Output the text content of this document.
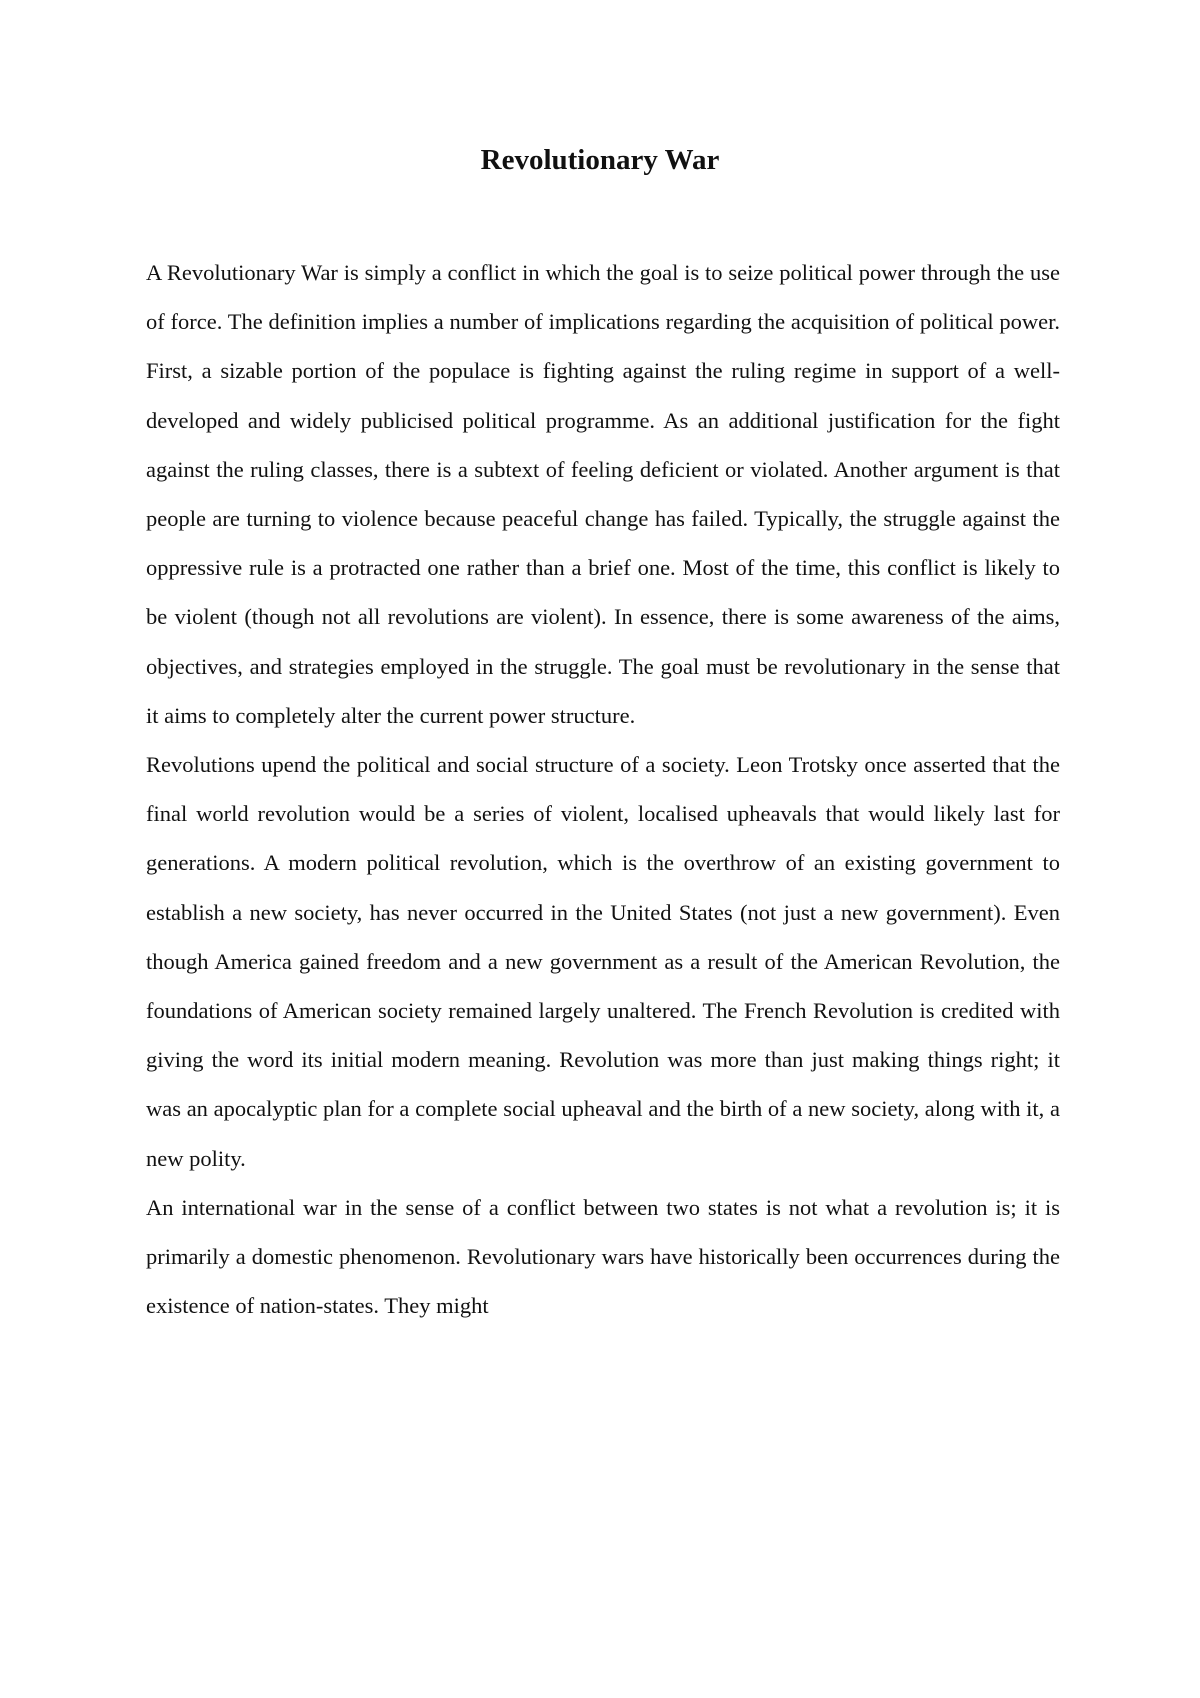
Revolutionary War

A Revolutionary War is simply a conflict in which the goal is to seize political power through the use of force. The definition implies a number of implications regarding the acquisition of political power. First, a sizable portion of the populace is fighting against the ruling regime in support of a well-developed and widely publicised political programme. As an additional justification for the fight against the ruling classes, there is a subtext of feeling deficient or violated. Another argument is that people are turning to violence because peaceful change has failed. Typically, the struggle against the oppressive rule is a protracted one rather than a brief one. Most of the time, this conflict is likely to be violent (though not all revolutions are violent). In essence, there is some awareness of the aims, objectives, and strategies employed in the struggle. The goal must be revolutionary in the sense that it aims to completely alter the current power structure.

Revolutions upend the political and social structure of a society. Leon Trotsky once asserted that the final world revolution would be a series of violent, localised upheavals that would likely last for generations. A modern political revolution, which is the overthrow of an existing government to establish a new society, has never occurred in the United States (not just a new government). Even though America gained freedom and a new government as a result of the American Revolution, the foundations of American society remained largely unaltered. The French Revolution is credited with giving the word its initial modern meaning. Revolution was more than just making things right; it was an apocalyptic plan for a complete social upheaval and the birth of a new society, along with it, a new polity.

An international war in the sense of a conflict between two states is not what a revolution is; it is primarily a domestic phenomenon. Revolutionary wars have historically been occurrences during the existence of nation-states. They might
